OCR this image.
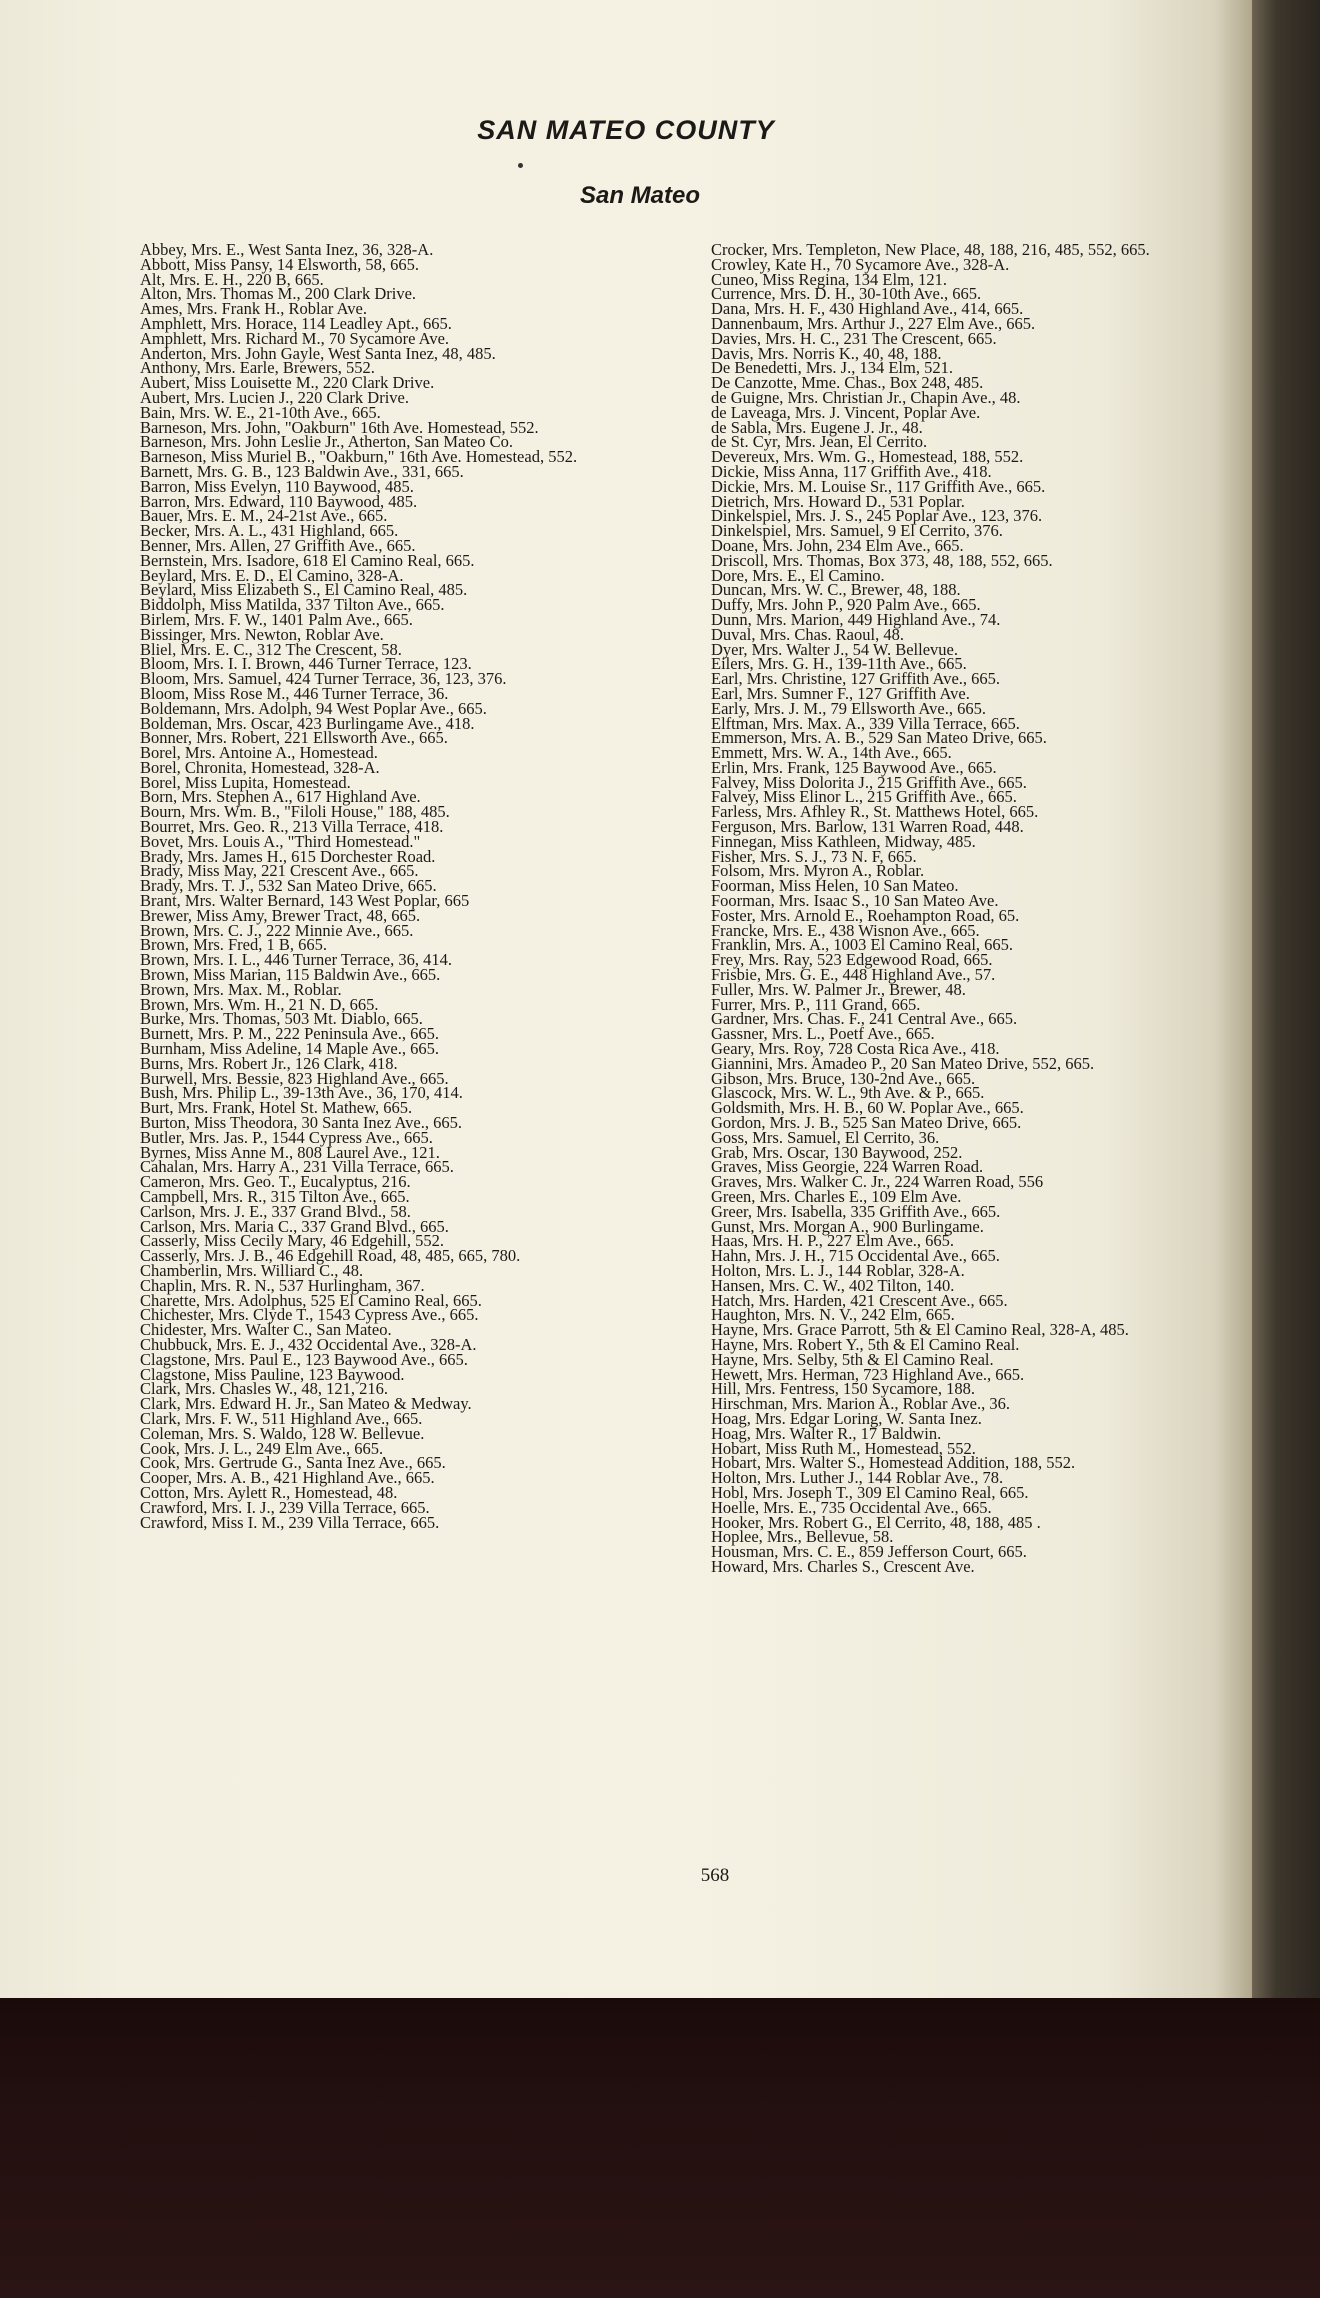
SAN MATEO COUNTY
San Mateo

Abbey, Mrs. E., West Santa Inez, 36, 328-A.

Abbott, Miss Pansy, 14 Elsworth, 58, 665.

Alt, Mrs. E. H., 220 B, 665.

Alton, Mrs. Thomas M., 200 Clark Drive.

Ames, Mrs. Frank H., Roblar Ave.

Amphlett, Mrs. Horace, 114 Leadley Apt., 665.

Amphlett, Mrs. Richard M., 70 Sycamore Ave.

Anderton, Mrs. John Gayle, West Santa Inez, 48, 485.

Anthony, Mrs. Earle, Brewers, 552.

Aubert, Miss Louisette M., 220 Clark Drive.

Aubert, Mrs. Lucien J., 220 Clark Drive.

Bain, Mrs. W. E., 21-10th Ave., 665.

Barneson, Mrs. John, "Oakburn" 16th Ave. Homestead, 552.

Barneson, Mrs. John Leslie Jr., Atherton, San Mateo Co.

Barneson, Miss Muriel B., "Oakburn," 16th Ave. Homestead, 552.

Barnett, Mrs. G. B., 123 Baldwin Ave., 331, 665.

Barron, Miss Evelyn, 110 Baywood, 485.

Barron, Mrs. Edward, 110 Baywood, 485.

Bauer, Mrs. E. M., 24-21st Ave., 665.

Becker, Mrs. A. L., 431 Highland, 665.

Benner, Mrs. Allen, 27 Griffith Ave., 665.

Bernstein, Mrs. Isadore, 618 El Camino Real, 665.

Beylard, Mrs. E. D., El Camino, 328-A.

Beylard, Miss Elizabeth S., El Camino Real, 485.

Biddolph, Miss Matilda, 337 Tilton Ave., 665.

Birlem, Mrs. F. W., 1401 Palm Ave., 665.

Bissinger, Mrs. Newton, Roblar Ave.

Bliel, Mrs. E. C., 312 The Crescent, 58.

Bloom, Mrs. I. I. Brown, 446 Turner Terrace, 123.

Bloom, Mrs. Samuel, 424 Turner Terrace, 36, 123, 376.

Bloom, Miss Rose M., 446 Turner Terrace, 36.

Boldemann, Mrs. Adolph, 94 West Poplar Ave., 665.

Boldeman, Mrs. Oscar, 423 Burlingame Ave., 418.

Bonner, Mrs. Robert, 221 Ellsworth Ave., 665.

Borel, Mrs. Antoine A., Homestead.

Borel, Chronita, Homestead, 328-A.

Borel, Miss Lupita, Homestead.

Born, Mrs. Stephen A., 617 Highland Ave.

Bourn, Mrs. Wm. B., "Filoli House," 188, 485.

Bourret, Mrs. Geo. R., 213 Villa Terrace, 418.

Bovet, Mrs. Louis A., "Third Homestead."

Brady, Mrs. James H., 615 Dorchester Road.

Brady, Miss May, 221 Crescent Ave., 665.

Brady, Mrs. T. J., 532 San Mateo Drive, 665.

Brant, Mrs. Walter Bernard, 143 West Poplar, 665

Brewer, Miss Amy, Brewer Tract, 48, 665.

Brown, Mrs. C. J., 222 Minnie Ave., 665.

Brown, Mrs. Fred, 1 B, 665.

Brown, Mrs. I. L., 446 Turner Terrace, 36, 414.

Brown, Miss Marian, 115 Baldwin Ave., 665.

Brown, Mrs. Max. M., Roblar.

Brown, Mrs. Wm. H., 21 N. D, 665.

Burke, Mrs. Thomas, 503 Mt. Diablo, 665.

Burnett, Mrs. P. M., 222 Peninsula Ave., 665.

Burnham, Miss Adeline, 14 Maple Ave., 665.

Burns, Mrs. Robert Jr., 126 Clark, 418.

Burwell, Mrs. Bessie, 823 Highland Ave., 665.

Bush, Mrs. Philip L., 39-13th Ave., 36, 170, 414.

Burt, Mrs. Frank, Hotel St. Mathew, 665.

Burton, Miss Theodora, 30 Santa Inez Ave., 665.

Butler, Mrs. Jas. P., 1544 Cypress Ave., 665.

Byrnes, Miss Anne M., 808 Laurel Ave., 121.

Cahalan, Mrs. Harry A., 231 Villa Terrace, 665.

Cameron, Mrs. Geo. T., Eucalyptus, 216.

Campbell, Mrs. R., 315 Tilton Ave., 665.

Carlson, Mrs. J. E., 337 Grand Blvd., 58.

Carlson, Mrs. Maria C., 337 Grand Blvd., 665.

Casserly, Miss Cecily Mary, 46 Edgehill, 552.

Casserly, Mrs. J. B., 46 Edgehill Road, 48, 485, 665, 780.

Chamberlin, Mrs. Williard C., 48.

Chaplin, Mrs. R. N., 537 Hurlingham, 367.

Charette, Mrs. Adolphus, 525 El Camino Real, 665.

Chichester, Mrs. Clyde T., 1543 Cypress Ave., 665.

Chidester, Mrs. Walter C., San Mateo.

Chubbuck, Mrs. E. J., 432 Occidental Ave., 328-A.

Clagstone, Mrs. Paul E., 123 Baywood Ave., 665.

Clagstone, Miss Pauline, 123 Baywood.

Clark, Mrs. Chasles W., 48, 121, 216.

Clark, Mrs. Edward H. Jr., San Mateo & Medway.

Clark, Mrs. F. W., 511 Highland Ave., 665.

Coleman, Mrs. S. Waldo, 128 W. Bellevue.

Cook, Mrs. J. L., 249 Elm Ave., 665.

Cook, Mrs. Gertrude G., Santa Inez Ave., 665.

Cooper, Mrs. A. B., 421 Highland Ave., 665.

Cotton, Mrs. Aylett R., Homestead, 48.

Crawford, Mrs. I. J., 239 Villa Terrace, 665.

Crawford, Miss I. M., 239 Villa Terrace, 665.

Crocker, Mrs. Templeton, New Place, 48, 188, 216, 485, 552, 665.

Crowley, Kate H., 70 Sycamore Ave., 328-A.

Cuneo, Miss Regina, 134 Elm, 121.

Currence, Mrs. D. H., 30-10th Ave., 665.

Dana, Mrs. H. F., 430 Highland Ave., 414, 665.

Dannenbaum, Mrs. Arthur J., 227 Elm Ave., 665.

Davies, Mrs. H. C., 231 The Crescent, 665.

Davis, Mrs. Norris K., 40, 48, 188.

De Benedetti, Mrs. J., 134 Elm, 521.

De Canzotte, Mme. Chas., Box 248, 485.

de Guigne, Mrs. Christian Jr., Chapin Ave., 48.

de Laveaga, Mrs. J. Vincent, Poplar Ave.

de Sabla, Mrs. Eugene J. Jr., 48.

de St. Cyr, Mrs. Jean, El Cerrito.

Devereux, Mrs. Wm. G., Homestead, 188, 552.

Dickie, Miss Anna, 117 Griffith Ave., 418.

Dickie, Mrs. M. Louise Sr., 117 Griffith Ave., 665.

Dietrich, Mrs. Howard D., 531 Poplar.

Dinkelspiel, Mrs. J. S., 245 Poplar Ave., 123, 376.

Dinkelspiel, Mrs. Samuel, 9 El Cerrito, 376.

Doane, Mrs. John, 234 Elm Ave., 665.

Driscoll, Mrs. Thomas, Box 373, 48, 188, 552, 665.

Dore, Mrs. E., El Camino.

Duncan, Mrs. W. C., Brewer, 48, 188.

Duffy, Mrs. John P., 920 Palm Ave., 665.

Dunn, Mrs. Marion, 449 Highland Ave., 74.

Duval, Mrs. Chas. Raoul, 48.

Dyer, Mrs. Walter J., 54 W. Bellevue.

Eilers, Mrs. G. H., 139-11th Ave., 665.

Earl, Mrs. Christine, 127 Griffith Ave., 665.

Earl, Mrs. Sumner F., 127 Griffith Ave.

Early, Mrs. J. M., 79 Ellsworth Ave., 665.

Elftman, Mrs. Max. A., 339 Villa Terrace, 665.

Emmerson, Mrs. A. B., 529 San Mateo Drive, 665.

Emmett, Mrs. W. A., 14th Ave., 665.

Erlin, Mrs. Frank, 125 Baywood Ave., 665.

Falvey, Miss Dolorita J., 215 Griffith Ave., 665.

Falvey, Miss Elinor L., 215 Griffith Ave., 665.

Farless, Mrs. Afhley R., St. Matthews Hotel, 665.

Ferguson, Mrs. Barlow, 131 Warren Road, 448.

Finnegan, Miss Kathleen, Midway, 485.

Fisher, Mrs. S. J., 73 N. F, 665.

Folsom, Mrs. Myron A., Roblar.

Foorman, Miss Helen, 10 San Mateo.

Foorman, Mrs. Isaac S., 10 San Mateo Ave.

Foster, Mrs. Arnold E., Roehampton Road, 65.

Francke, Mrs. E., 438 Wisnon Ave., 665.

Franklin, Mrs. A., 1003 El Camino Real, 665.

Frey, Mrs. Ray, 523 Edgewood Road, 665.

Frisbie, Mrs. G. E., 448 Highland Ave., 57.

Fuller, Mrs. W. Palmer Jr., Brewer, 48.

Furrer, Mrs. P., 111 Grand, 665.

Gardner, Mrs. Chas. F., 241 Central Ave., 665.

Gassner, Mrs. L., Poetf Ave., 665.

Geary, Mrs. Roy, 728 Costa Rica Ave., 418.

Giannini, Mrs. Amadeo P., 20 San Mateo Drive, 552, 665.

Gibson, Mrs. Bruce, 130-2nd Ave., 665.

Glascock, Mrs. W. L., 9th Ave. & P., 665.

Goldsmith, Mrs. H. B., 60 W. Poplar Ave., 665.

Gordon, Mrs. J. B., 525 San Mateo Drive, 665.

Goss, Mrs. Samuel, El Cerrito, 36.

Grab, Mrs. Oscar, 130 Baywood, 252.

Graves, Miss Georgie, 224 Warren Road.

Graves, Mrs. Walker C. Jr., 224 Warren Road, 556

Green, Mrs. Charles E., 109 Elm Ave.

Greer, Mrs. Isabella, 335 Griffith Ave., 665.

Gunst, Mrs. Morgan A., 900 Burlingame.

Haas, Mrs. H. P., 227 Elm Ave., 665.

Hahn, Mrs. J. H., 715 Occidental Ave., 665.

Holton, Mrs. L. J., 144 Roblar, 328-A.

Hansen, Mrs. C. W., 402 Tilton, 140.

Hatch, Mrs. Harden, 421 Crescent Ave., 665.

Haughton, Mrs. N. V., 242 Elm, 665.

Hayne, Mrs. Grace Parrott, 5th & El Camino Real, 328-A, 485.

Hayne, Mrs. Robert Y., 5th & El Camino Real.

Hayne, Mrs. Selby, 5th & El Camino Real.

Hewett, Mrs. Herman, 723 Highland Ave., 665.

Hill, Mrs. Fentress, 150 Sycamore, 188.

Hirschman, Mrs. Marion A., Roblar Ave., 36.

Hoag, Mrs. Edgar Loring, W. Santa Inez.

Hoag, Mrs. Walter R., 17 Baldwin.

Hobart, Miss Ruth M., Homestead, 552.

Hobart, Mrs. Walter S., Homestead Addition, 188, 552.

Holton, Mrs. Luther J., 144 Roblar Ave., 78.

Hobl, Mrs. Joseph T., 309 El Camino Real, 665.

Hoelle, Mrs. E., 735 Occidental Ave., 665.

Hooker, Mrs. Robert G., El Cerrito, 48, 188, 485 .

Hoplee, Mrs., Bellevue, 58.

Housman, Mrs. C. E., 859 Jefferson Court, 665.

Howard, Mrs. Charles S., Crescent Ave.

568
